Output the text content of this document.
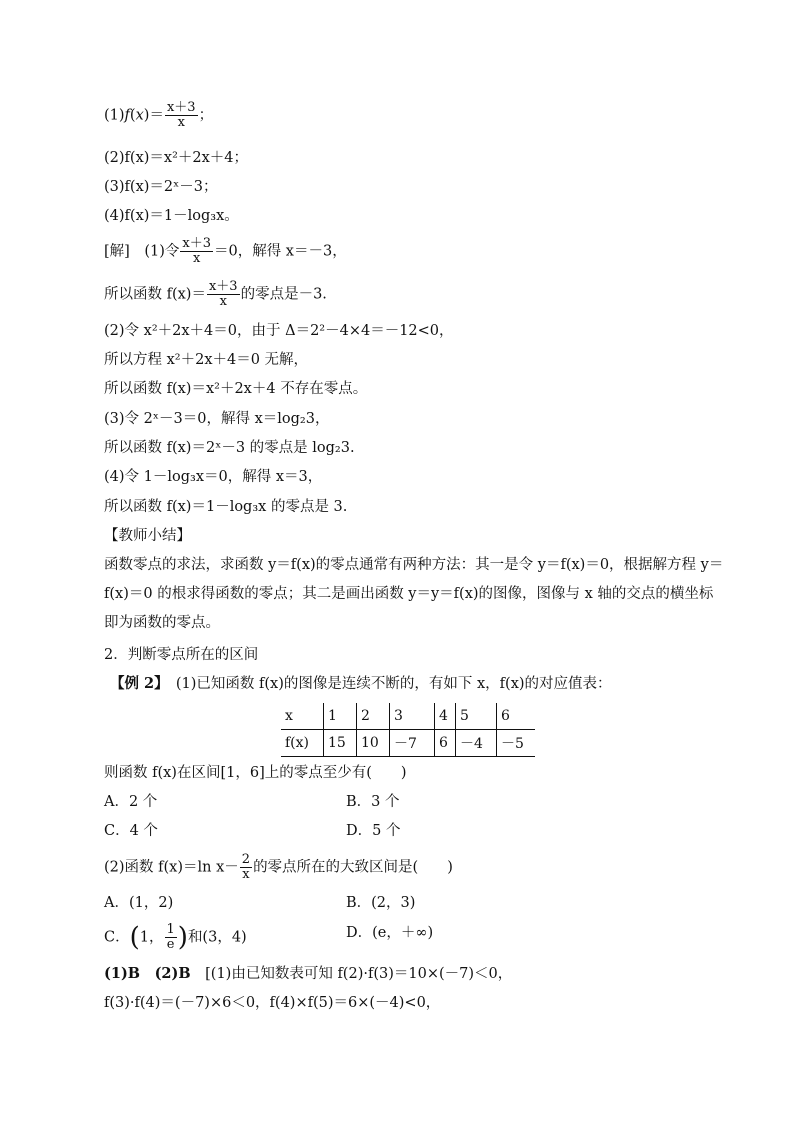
$(1)f(x)= \frac{x+3}{x}$ ；
(2)f(x)＝x²＋2x＋4；
(3)f(x)＝2ˣ－3；
(4)f(x)＝1－log₃x。
[解]　(1)令 $\frac{x+3}{x} =0$，解得 x＝－3，
所以函数 $f(x)= \frac{x+3}{x}$ 的零点是－3.
(2)令 x²＋2x＋4＝0，由于 Δ＝2²－4×4＝－12<0，
所以方程 x²＋2x＋4＝0 无解，
所以函数 f(x)＝x²＋2x＋4 不存在零点。
(3)令 2ˣ－3＝0，解得 x＝log₂3，
所以函数 f(x)＝2ˣ－3 的零点是 log₂3.
(4)令 1－log₃x＝0，解得 x＝3，
所以函数 f(x)＝1－log₃x 的零点是 3.
【教师小结】
函数零点的求法，求函数 y＝f(x)的零点通常有两种方法：其一是令 y＝f(x)＝0，根据解方程 y＝f(x)＝0 的根求得函数的零点；其二是画出函数 y＝y＝f(x)的图像，图像与 x 轴的交点的横坐标即为函数的零点。
2．判断零点所在的区间
【例 2】　 (1)已知函数 f(x)的图像是连续不断的，有如下 x，f(x)的对应值表：
x	1	2	3	4	5	6
f(x)	15	10	－7	6	－4	－5
则函数 f(x)在区间[1，6]上的零点至少有(　　)
A．2 个	B．3 个
C．4 个	D．5 个
(2)函数 f(x)＝ln $x- \frac{2}{x}$ 的零点所在的大致区间是(　　)
A．(1，2)	B．(2，3)
C．(1， $\frac{1}{e}$ )和(3，4)	D．(e，＋∞)
(1)B　(2)B　[(1)由已知数表可知 f(2)·f(3)＝10×(－7)＜0，
f(3)·f(4)＝(－7)×6＜0，f(4)×f(5)＝6×(－4)<0，
